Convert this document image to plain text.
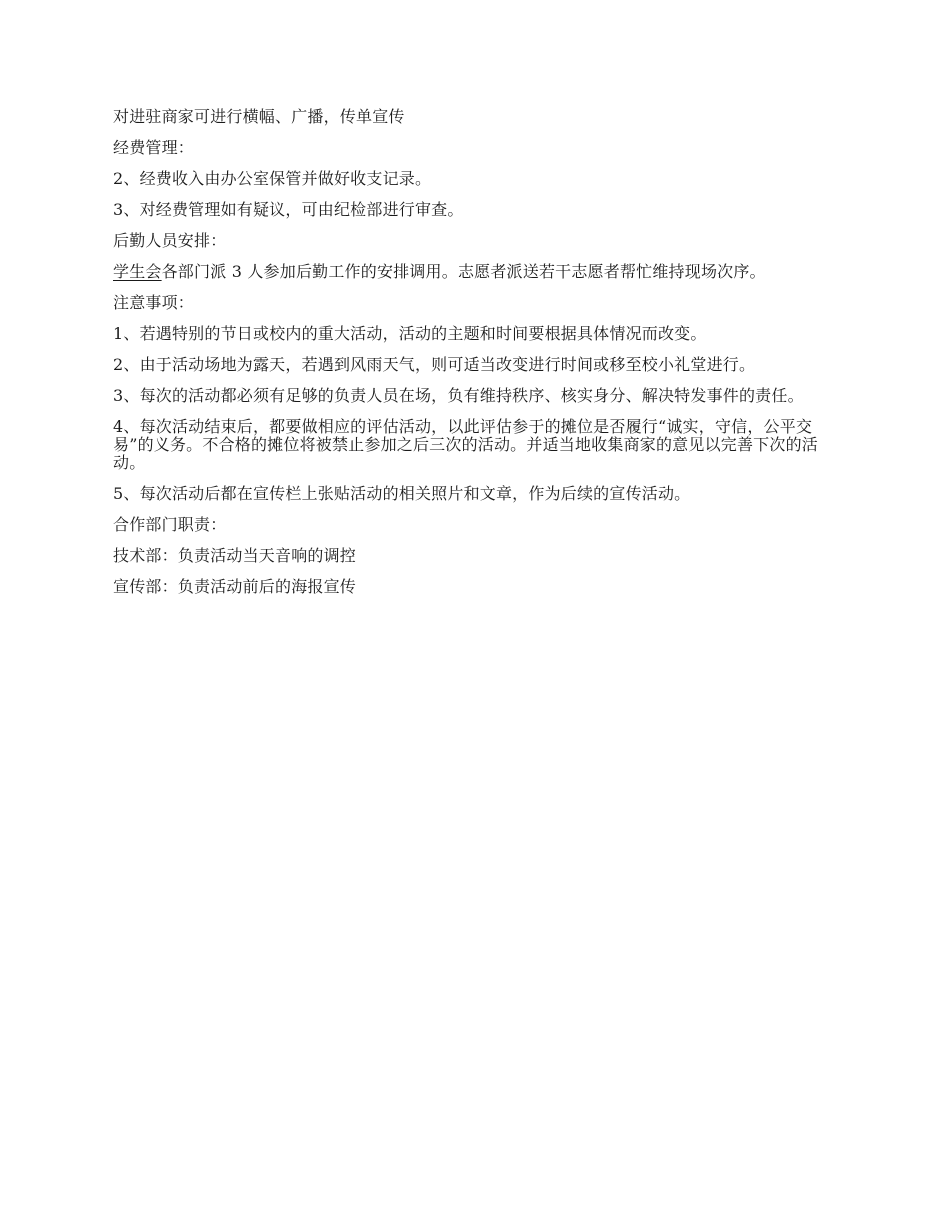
对进驻商家可进行横幅、广播，传单宣传

经费管理：

2、经费收入由办公室保管并做好收支记录。

3、对经费管理如有疑议，可由纪检部进行审查。

后勤人员安排：

学生会各部门派 3 人参加后勤工作的安排调用。志愿者派送若干志愿者帮忙维持现场次序。

注意事项：

1、若遇特别的节日或校内的重大活动，活动的主题和时间要根据具体情况而改变。

2、由于活动场地为露天，若遇到风雨天气，则可适当改变进行时间或移至校小礼堂进行。

3、每次的活动都必须有足够的负责人员在场，负有维持秩序、核实身分、解决特发事件的责任。

4、每次活动结束后，都要做相应的评估活动，以此评估参于的摊位是否履行“诚实，守信，公平交易”的义务。不合格的摊位将被禁止参加之后三次的活动。并适当地收集商家的意见以完善下次的活动。

5、每次活动后都在宣传栏上张贴活动的相关照片和文章，作为后续的宣传活动。

合作部门职责：

技术部：负责活动当天音响的调控

宣传部：负责活动前后的海报宣传
